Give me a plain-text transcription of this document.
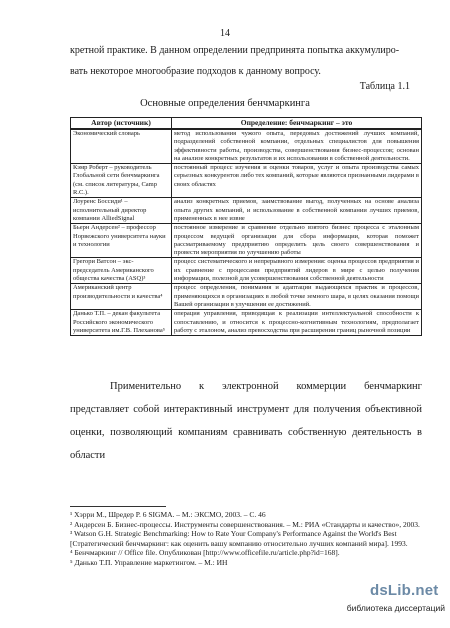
14
кретной практике. В данном определении предпринята попытка аккумулиро-
вать некоторое многообразие подходов к данному вопросу.
Таблица 1.1
Основные определения бенчмаркинга
Автор (источник)	Определение: бенчмаркинг – это
Экономический словарь	метод использования чужого опыта, передовых достижений лучших компаний, подразделений собственной компании, отдельных специалистов для повышения эффективности работы, производства, совершенствования бизнес-процессов; основан на анализе конкретных результатов и их использовании в собственной деятельности.
Кэмр Роберт – руководитель Глобальной сети бенчмаркинга (см. список литературы, Camp R.C.).	постоянный процесс изучения и оценки товаров, услуг и опыта производства самых серьезных конкурентов либо тех компаний, которые являются признанными лидерами в своих областях
Лоуренс Боссиди¹ – исполнительный директор компании AlliedSignal	анализ конкретных приемов, заимствование выгод, полученных на основе анализа опыта других компаний, и использование в собственной компании лучших приемов, примененных в нее извне
Бьерн Андерсен² – профессор Норвежского университета науки и технологии	постоянное измерение и сравнение отдельно взятого бизнес процесса с эталонным процессом ведущей организации для сбора информации, которая поможет рассматриваемому предприятию определить цель своего совершенствования и провести мероприятия по улучшению работы
Грегори Ватсон – экс-председатель Американского общества качества (ASQ)³	процесс систематического и непрерывного измерения: оценка процессов предприятия и их сравнение с процессами предприятий лидеров в мире с целью получения информации, полезной для усовершенствования собственной деятельности
Американский центр производительности и качества⁴	процесс определения, понимания и адаптации выдающихся практик и процессов, применяющихся в организациях в любой точке земного шара, в целях оказания помощи Вашей организации в улучшении ее достижений.
Данько Т.П. – декан факультета Российского экономического университета им.Г.В. Плеханова⁵	операция управления, приводящая к реализации интеллектуальной способности к сопоставлению, и относится к процессно-когнитивным технологиям, предполагает работу с эталоном, анализ превосходства при расширении границ рыночной позиции
Применительно к электронной коммерции бенчмаркинг представляет собой интерактивный инструмент для получения объективной оценки, позволяющий компаниям сравнивать собственную деятельность в области

¹ Хэрри М., Шредер Р. 6 SIGMA. – М.: ЭКСМО, 2003. – С. 46

² Андерсен Б. Бизнес-процессы. Инструменты совершенствования. – М.: РИА «Стандарты и качество», 2003.

³ Watson G.H. Strategic Benchmarking: How to Rate Your Company's Performance Against the World's Best [Стратегический бенчмаркинг: как оценить вашу компанию относительно лучших компаний мира]. 1993.

⁴ Бенчмаркинг // Office file. Опубликован [http://www.officefile.ru/article.php?id=168].

⁵ Данько Т.П. Управление маркетингом. – М.: ИН

dsLib.net
библиотека диссертаций
